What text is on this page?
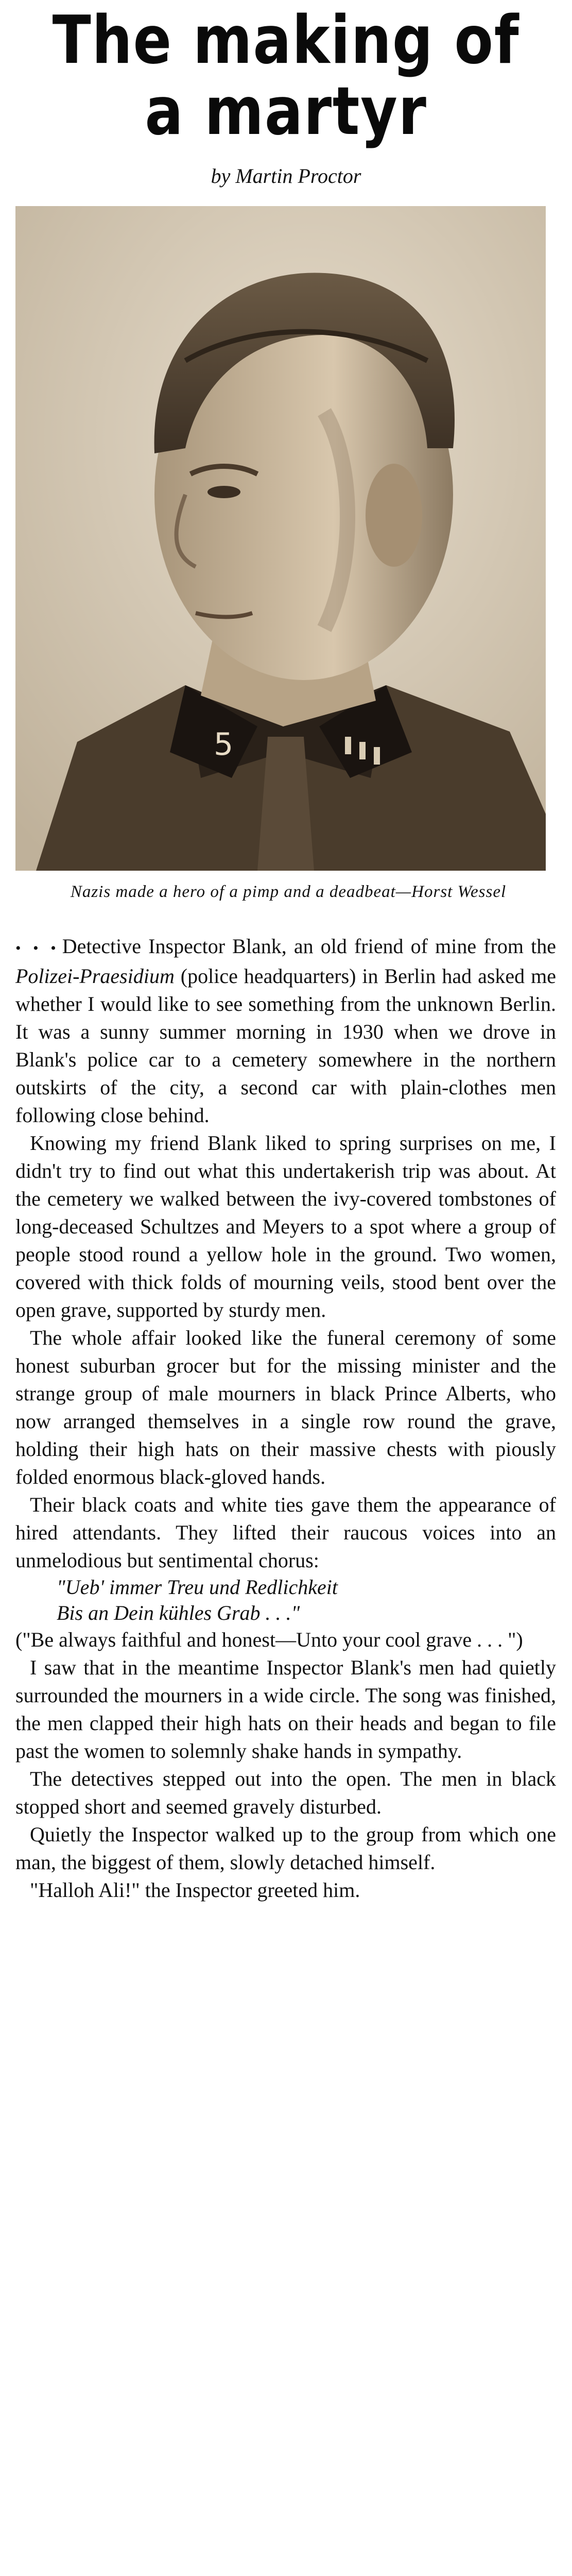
The making of
a martyr
by Martin Proctor
5
Nazis made a hero of a pimp and a deadbeat—Horst Wessel

• • • Detective Inspector Blank, an old friend of mine from the Polizei-Praesidium (police headquarters) in Berlin had asked me whether I would like to see something from the unknown Berlin. It was a sunny summer morning in 1930 when we drove in Blank's police car to a cemetery somewhere in the northern outskirts of the city, a second car with plain-clothes men following close behind.

Knowing my friend Blank liked to spring surprises on me, I didn't try to find out what this undertakerish trip was about. At the cemetery we walked between the ivy-covered tombstones of long-deceased Schultzes and Meyers to a spot where a group of people stood round a yellow hole in the ground. Two women, covered with thick folds of mourning veils, stood bent over the open grave, supported by sturdy men.

The whole affair looked like the funeral ceremony of some honest suburban grocer but for the missing minister and the strange group of male mourners in black Prince Alberts, who now arranged themselves in a single row round the grave, holding their high hats on their massive chests with piously folded enormous black-gloved hands.

Their black coats and white ties gave them the appearance of hired attendants. They lifted their raucous voices into an unmelodious but sentimental chorus:

"Ueb' immer Treu und Redlichkeit
Bis an Dein kühles Grab . . ."

("Be always faithful and honest—Unto your cool grave . . . ")

I saw that in the meantime Inspector Blank's men had quietly surrounded the mourners in a wide circle. The song was finished, the men clapped their high hats on their heads and began to file past the women to solemnly shake hands in sympathy.

The detectives stepped out into the open. The men in black stopped short and seemed gravely disturbed.

Quietly the Inspector walked up to the group from which one man, the biggest of them, slowly detached himself.

"Halloh Ali!" the Inspector greeted him.
